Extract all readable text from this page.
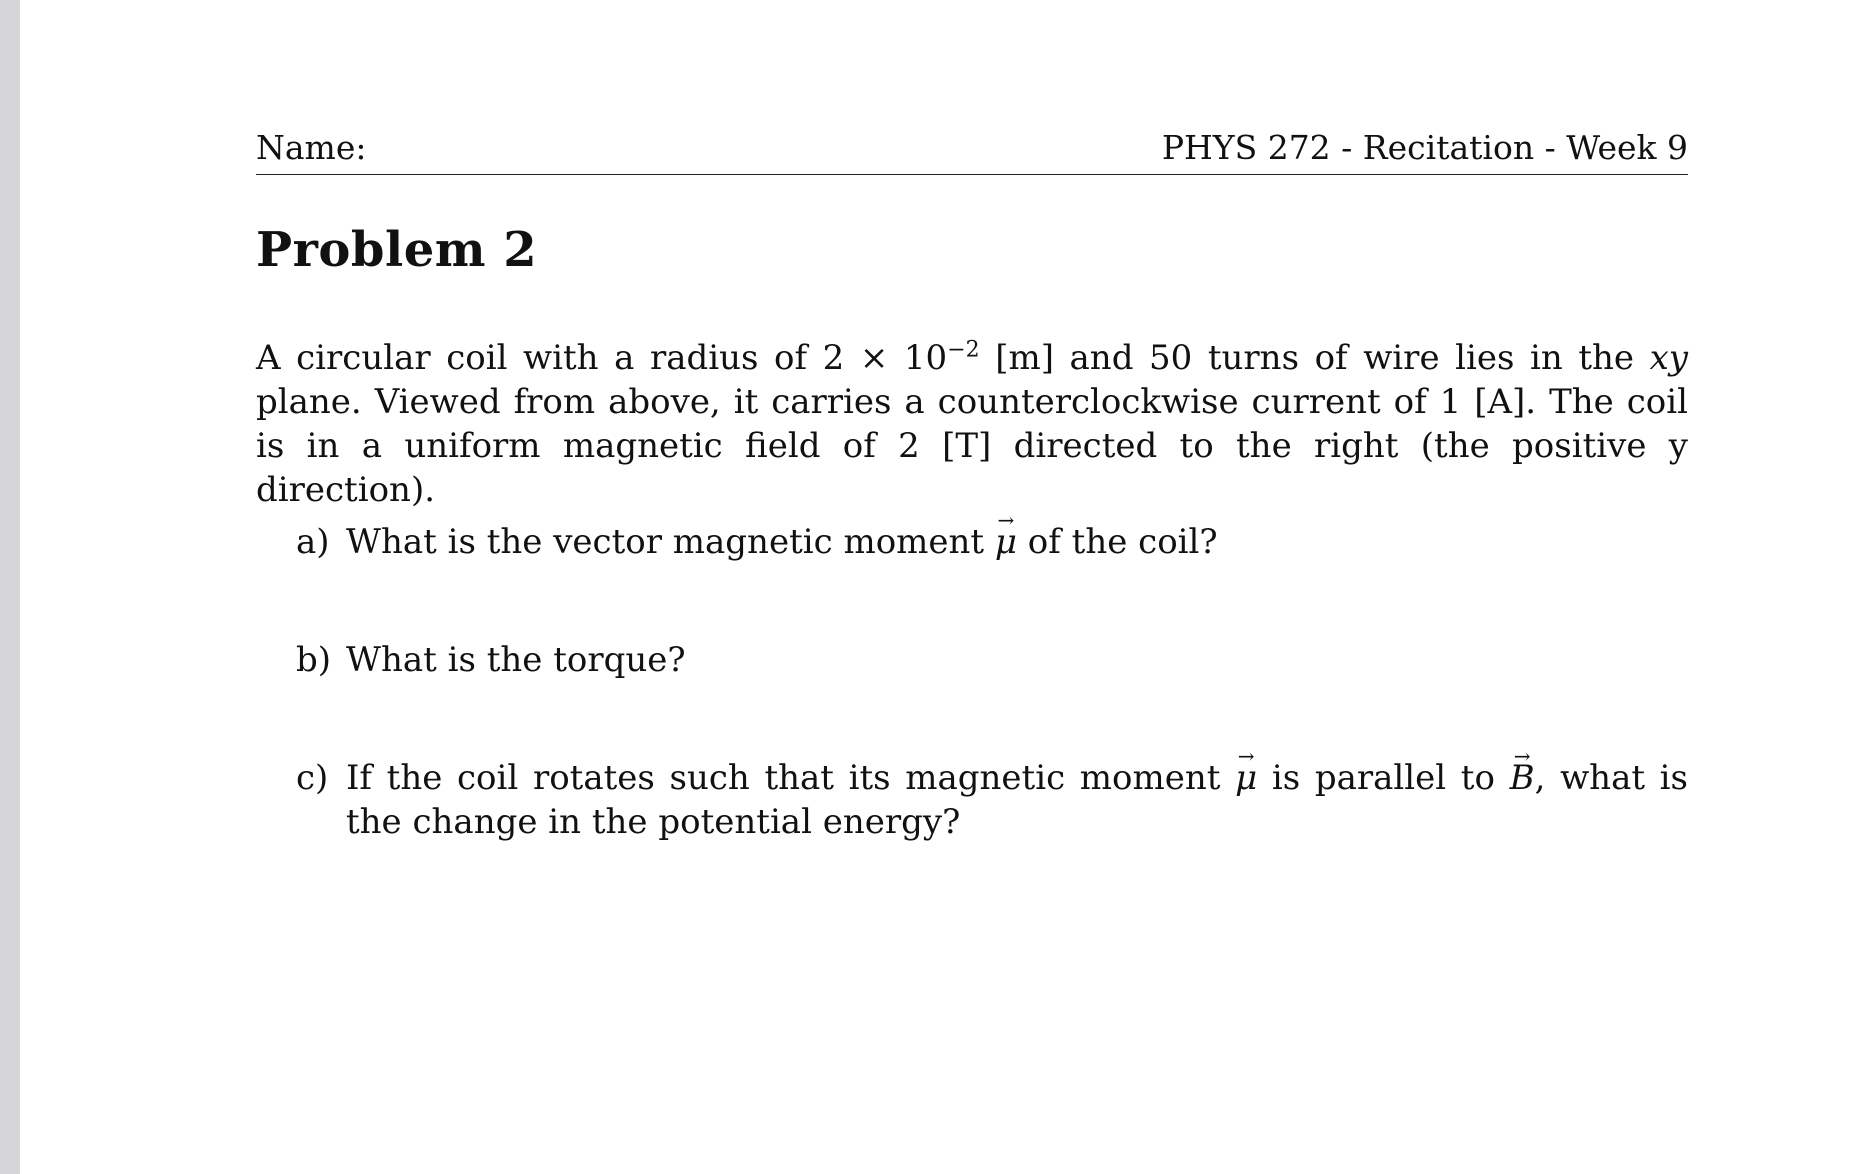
Name:	PHYS 272 - Recitation - Week 9
Problem 2

A circular coil with a radius of $2 \times 10^{-2}$ [m] and 50 turns of wire lies in the xy plane. Viewed from above, it carries a counterclockwise current of 1 [A]. The coil is in a uniform magnetic field of 2 [T] directed to the right (the positive y direction).

a) What is the vector magnetic moment → μ of the coil?
b) What is the torque?
c) If the coil rotates such that its magnetic moment → μ is parallel to → B, what is the change in the potential energy?
